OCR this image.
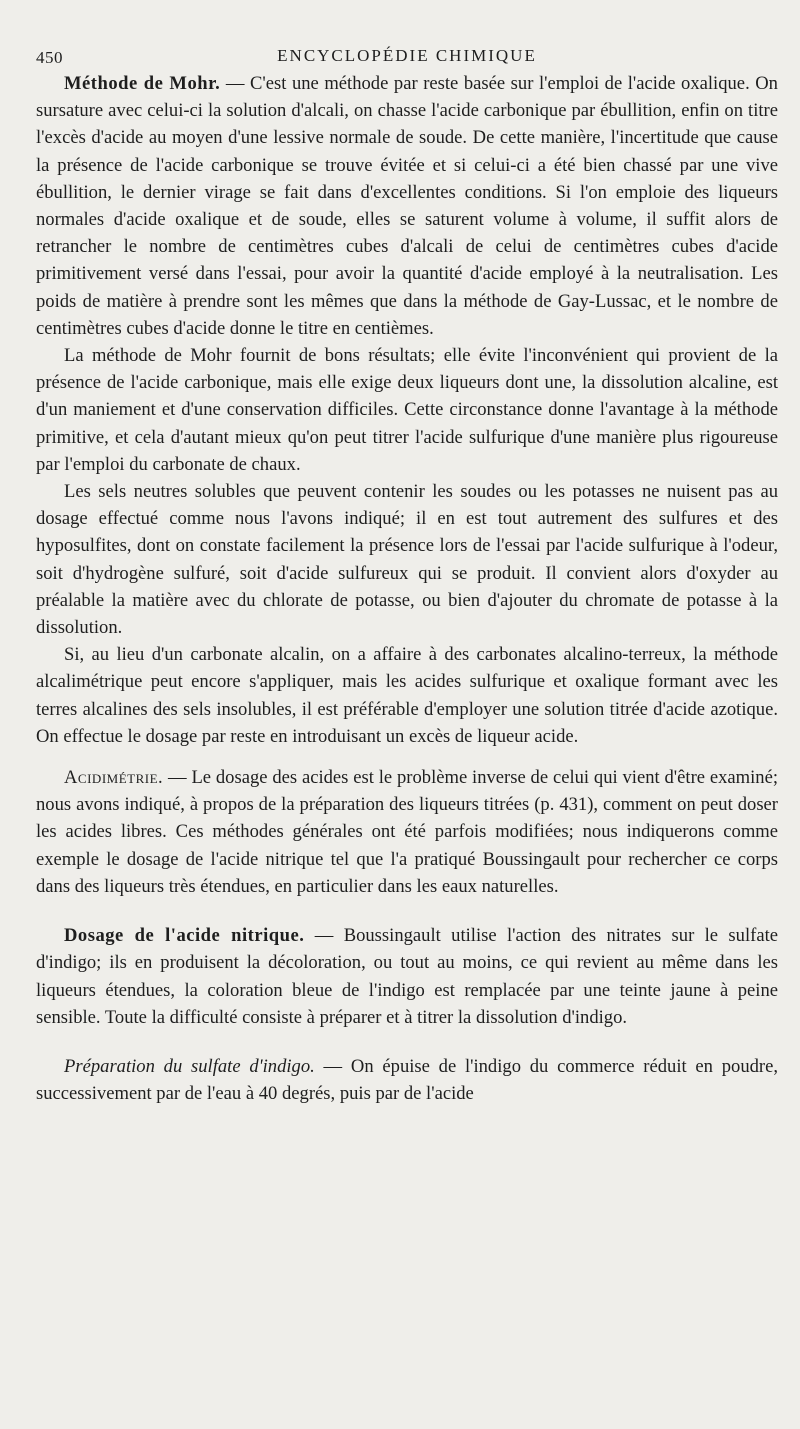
450	ENCYCLOPÉDIE CHIMIQUE

Méthode de Mohr. — C'est une méthode par reste basée sur l'emploi de l'acide oxalique. On sursature avec celui-ci la solution d'alcali, on chasse l'acide carbonique par ébullition, enfin on titre l'excès d'acide au moyen d'une lessive normale de soude. De cette manière, l'incertitude que cause la présence de l'acide carbonique se trouve évitée et si celui-ci a été bien chassé par une vive ébullition, le dernier virage se fait dans d'excellentes conditions. Si l'on emploie des liqueurs normales d'acide oxalique et de soude, elles se saturent volume à volume, il suffit alors de retrancher le nombre de centimètres cubes d'alcali de celui de centimètres cubes d'acide primitivement versé dans l'essai, pour avoir la quantité d'acide employé à la neutralisation. Les poids de matière à prendre sont les mêmes que dans la méthode de Gay-Lussac, et le nombre de centimètres cubes d'acide donne le titre en centièmes.

La méthode de Mohr fournit de bons résultats; elle évite l'inconvénient qui provient de la présence de l'acide carbonique, mais elle exige deux liqueurs dont une, la dissolution alcaline, est d'un maniement et d'une conservation difficiles. Cette circonstance donne l'avantage à la méthode primitive, et cela d'autant mieux qu'on peut titrer l'acide sulfurique d'une manière plus rigoureuse par l'emploi du carbonate de chaux.

Les sels neutres solubles que peuvent contenir les soudes ou les potasses ne nuisent pas au dosage effectué comme nous l'avons indiqué; il en est tout autrement des sulfures et des hyposulfites, dont on constate facilement la présence lors de l'essai par l'acide sulfurique à l'odeur, soit d'hydrogène sulfuré, soit d'acide sulfureux qui se produit. Il convient alors d'oxyder au préalable la matière avec du chlorate de potasse, ou bien d'ajouter du chromate de potasse à la dissolution.

Si, au lieu d'un carbonate alcalin, on a affaire à des carbonates alcalino-terreux, la méthode alcalimétrique peut encore s'appliquer, mais les acides sulfurique et oxalique formant avec les terres alcalines des sels insolubles, il est préférable d'employer une solution titrée d'acide azotique. On effectue le dosage par reste en introduisant un excès de liqueur acide.

Acidimétrie. — Le dosage des acides est le problème inverse de celui qui vient d'être examiné; nous avons indiqué, à propos de la préparation des liqueurs titrées (p. 431), comment on peut doser les acides libres. Ces méthodes générales ont été parfois modifiées; nous indiquerons comme exemple le dosage de l'acide nitrique tel que l'a pratiqué Boussingault pour rechercher ce corps dans des liqueurs très étendues, en particulier dans les eaux naturelles.

Dosage de l'acide nitrique. — Boussingault utilise l'action des nitrates sur le sulfate d'indigo; ils en produisent la décoloration, ou tout au moins, ce qui revient au même dans les liqueurs étendues, la coloration bleue de l'indigo est remplacée par une teinte jaune à peine sensible. Toute la difficulté consiste à préparer et à titrer la dissolution d'indigo.

Préparation du sulfate d'indigo. — On épuise de l'indigo du commerce réduit en poudre, successivement par de l'eau à 40 degrés, puis par de l'acide
